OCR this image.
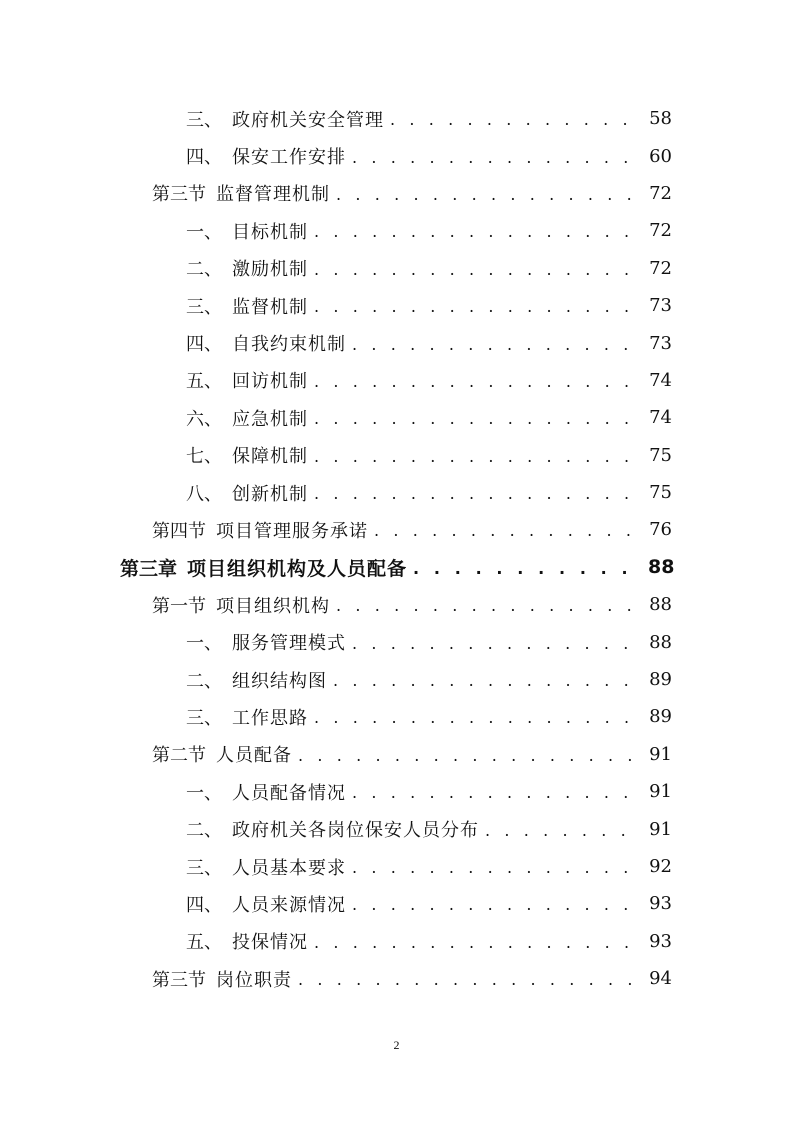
三、 政府机关安全管理 . . .	58
四、 保安工作安排 . . .	60
第三节 监督管理机制 . . .	72
一、 目标机制 . . .	72
二、 激励机制 . . .	72
三、 监督机制 . . .	73
四、 自我约束机制 . . .	73
五、 回访机制 . . .	74
六、 应急机制 . . .	74
七、 保障机制 . . .	75
八、 创新机制 . . .	75
第四节 项目管理服务承诺 . . .	76
第三章 项目组织机构及人员配备 . . .	88
第一节 项目组织机构 . . .	88
一、 服务管理模式 . . .	88
二、 组织结构图 . . .	89
三、 工作思路 . . .	89
第二节 人员配备 . . .	91
一、 人员配备情况 . . .	91
二、 政府机关各岗位保安人员分布 . . .	91
三、 人员基本要求 . . .	92
四、 人员来源情况 . . .	93
五、 投保情况 . . .	93
第三节 岗位职责 . . .	94
2
